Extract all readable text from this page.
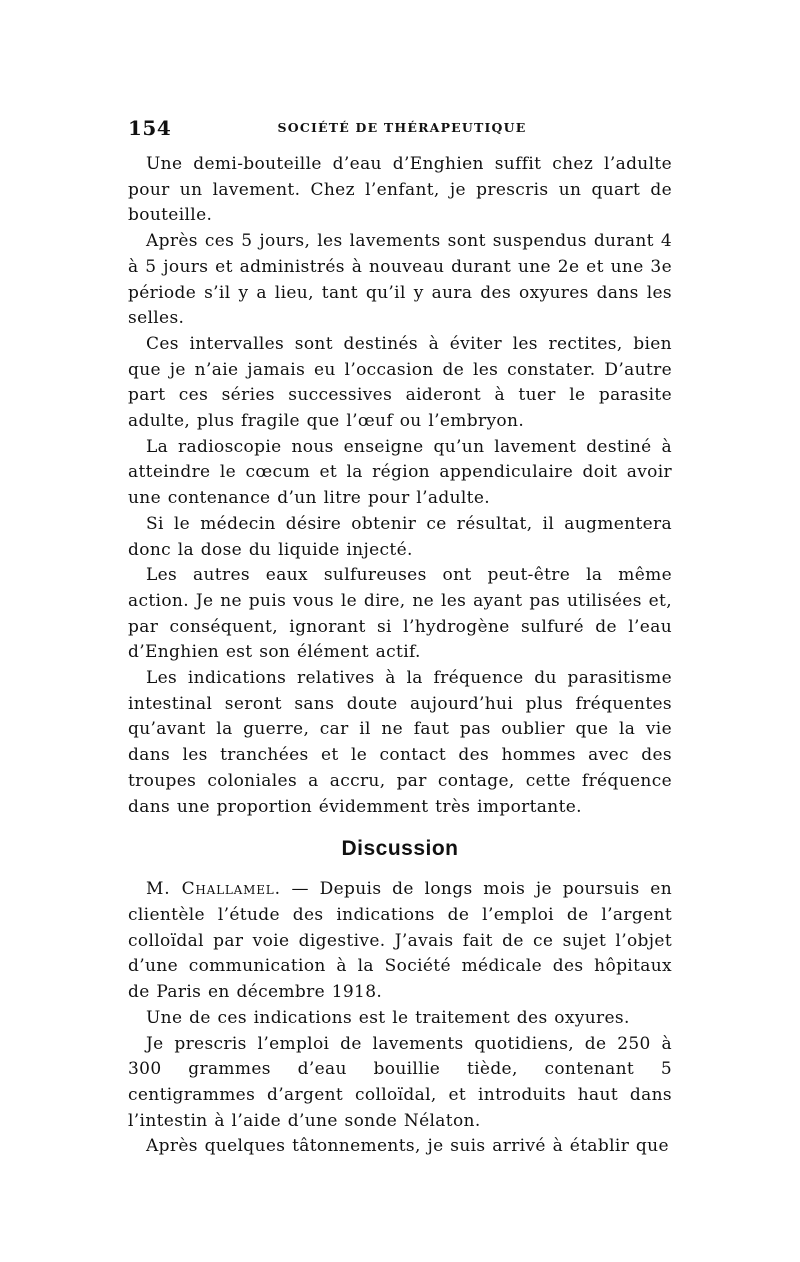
154	SOCIÉTÉ DE THÉRAPEUTIQUE

Une demi-bouteille d’eau d’Enghien suffit chez l’adulte pour un lavement. Chez l’enfant, je prescris un quart de bouteille.

Après ces 5 jours, les lavements sont suspendus durant 4 à 5 jours et administrés à nouveau durant une 2e et une 3e période s’il y a lieu, tant qu’il y aura des oxyures dans les selles.

Ces intervalles sont destinés à éviter les rectites, bien que je n’aie jamais eu l’occasion de les constater. D’autre part ces séries successives aideront à tuer le parasite adulte, plus fragile que l’œuf ou l’embryon.

La radioscopie nous enseigne qu’un lavement destiné à atteindre le cœcum et la région appendiculaire doit avoir une contenance d’un litre pour l’adulte.

Si le médecin désire obtenir ce résultat, il augmentera donc la dose du liquide injecté.

Les autres eaux sulfureuses ont peut-être la même action. Je ne puis vous le dire, ne les ayant pas utilisées et, par conséquent, ignorant si l’hydrogène sulfuré de l’eau d’Enghien est son élément actif.

Les indications relatives à la fréquence du parasitisme intestinal seront sans doute aujourd’hui plus fréquentes qu’avant la guerre, car il ne faut pas oublier que la vie dans les tranchées et le contact des hommes avec des troupes coloniales a accru, par contage, cette fréquence dans une proportion évidemment très importante.

Discussion

M. Challamel. — Depuis de longs mois je poursuis en clientèle l’étude des indications de l’emploi de l’argent colloïdal par voie digestive. J’avais fait de ce sujet l’objet d’une communication à la Société médicale des hôpitaux de Paris en décembre 1918.

Une de ces indications est le traitement des oxyures.

Je prescris l’emploi de lavements quotidiens, de 250 à 300 grammes d’eau bouillie tiède, contenant 5 centigrammes d’argent colloïdal, et introduits haut dans l’intestin à l’aide d’une sonde Nélaton.

Après quelques tâtonnements, je suis arrivé à établir que
